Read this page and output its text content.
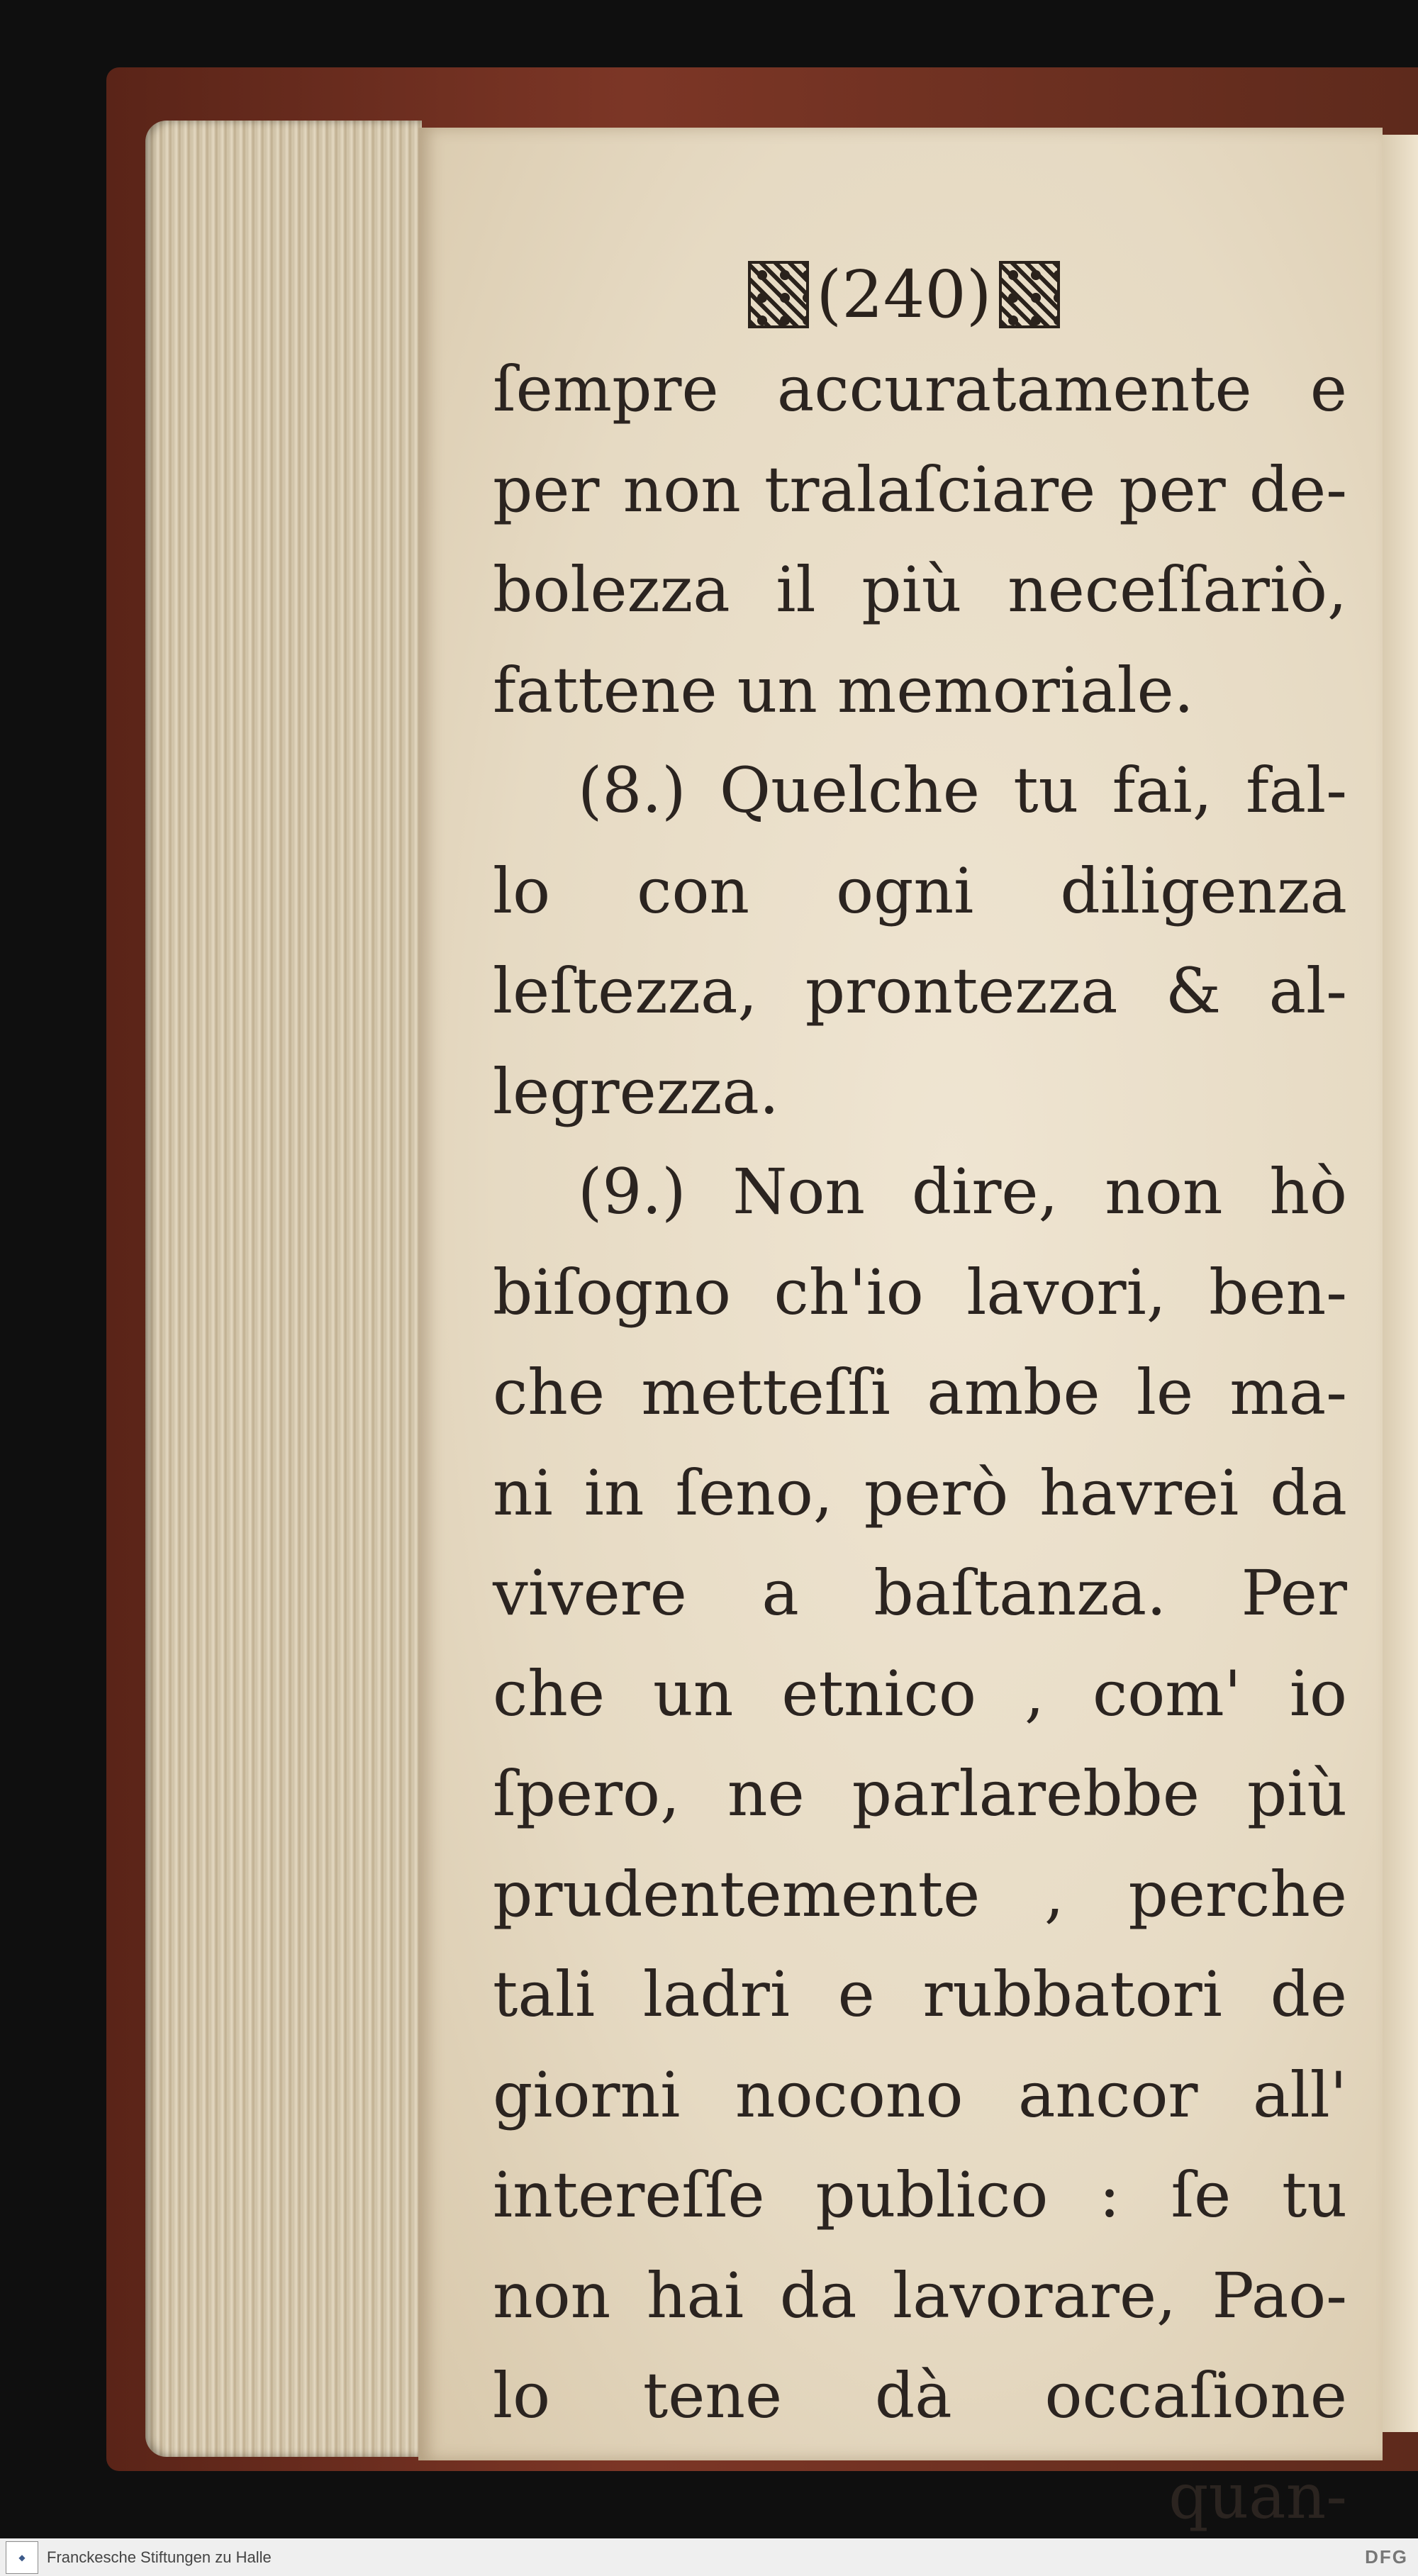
(240)
ſempre accuratamente e
per non tralaſciare per de-
bolezza il più neceſſariò,
fattene un memoriale.
(8.) Quelche tu fai, fal-
lo con ogni diligenza
leſtezza, prontezza & al-
legrezza.
(9.) Non dire, non hò
biſogno ch'io lavori, ben-
che metteſſi ambe le ma-
ni in ſeno, però havrei da
vivere a baſtanza. Per
che un etnico , com' io
ſpero, ne parlarebbe più
prudentemente , perche
tali ladri e rubbatori de
giorni nocono ancor all'
intereſſe publico : ſe tu
non hai da lavorare, Pao-
lo tene dà occaſione
quan-
◆	Franckesche Stiftungen zu Halle	DFG
